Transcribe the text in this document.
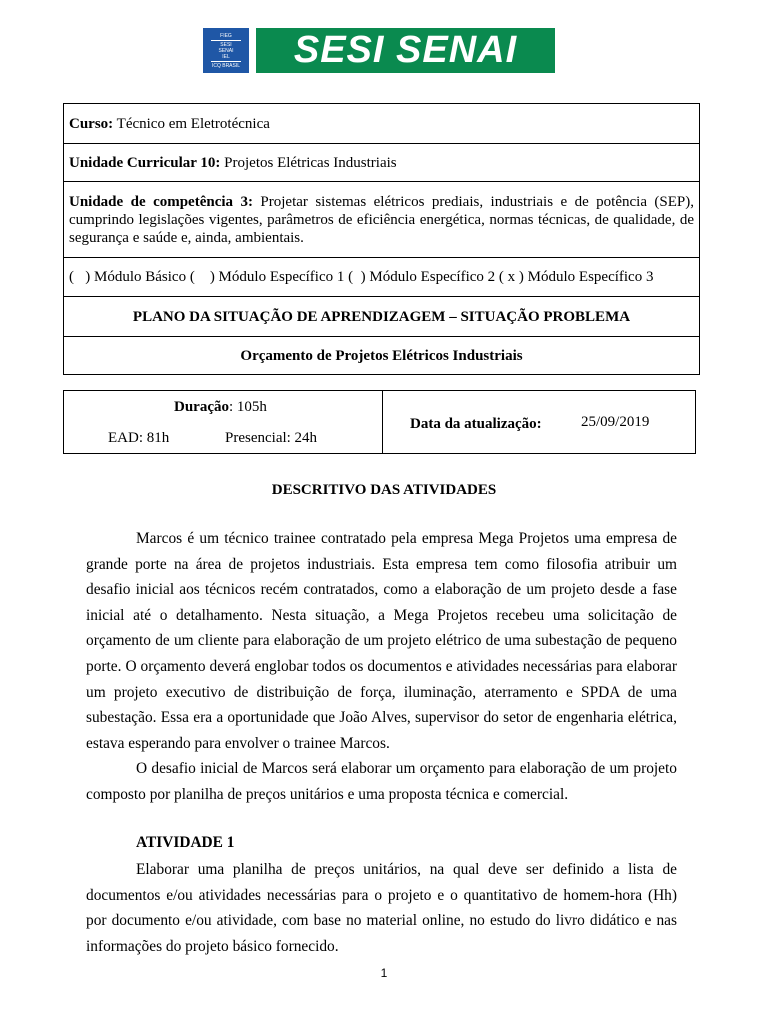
FIEG
SESI
SENAI
IEL
ICQ BRASIL SESI SENAI
Curso: Técnico em Eletrotécnica
Unidade Curricular 10: Projetos Elétricas Industriais
Unidade de competência 3: Projetar sistemas elétricos prediais, industriais e de potência (SEP), cumprindo legislações vigentes, parâmetros de eficiência energética, normas técnicas, de qualidade, de segurança e saúde e, ainda, ambientais.
(   ) Módulo Básico (    ) Módulo Específico 1 (  ) Módulo Específico 2 ( x ) Módulo Específico 3
PLANO DA SITUAÇÃO DE APRENDIZAGEM – SITUAÇÃO PROBLEMA
Orçamento de Projetos Elétricos Industriais
Duração: 105h
EAD: 81h	Presencial: 24h
Data da atualização:	25/09/2019
DESCRITIVO DAS ATIVIDADES

Marcos é um técnico trainee contratado pela empresa Mega Projetos uma empresa de grande porte na área de projetos industriais. Esta empresa tem como filosofia atribuir um desafio inicial aos técnicos recém contratados, como a elaboração de um projeto desde a fase inicial até o detalhamento. Nesta situação, a Mega Projetos recebeu uma solicitação de orçamento de um cliente para elaboração de um projeto elétrico de uma subestação de pequeno porte. O orçamento deverá englobar todos os documentos e atividades necessárias para elaborar um projeto executivo de distribuição de força, iluminação, aterramento e SPDA de uma subestação. Essa era a oportunidade que João Alves, supervisor do setor de engenharia elétrica, estava esperando para envolver o trainee Marcos.

O desafio inicial de Marcos será elaborar um orçamento para elaboração de um projeto composto por planilha de preços unitários e uma proposta técnica e comercial.

ATIVIDADE 1

Elaborar uma planilha de preços unitários, na qual deve ser definido a lista de documentos e/ou atividades necessárias para o projeto e o quantitativo de homem-hora (Hh) por documento e/ou atividade, com base no material online, no estudo do livro didático e nas informações do projeto básico fornecido.

1
